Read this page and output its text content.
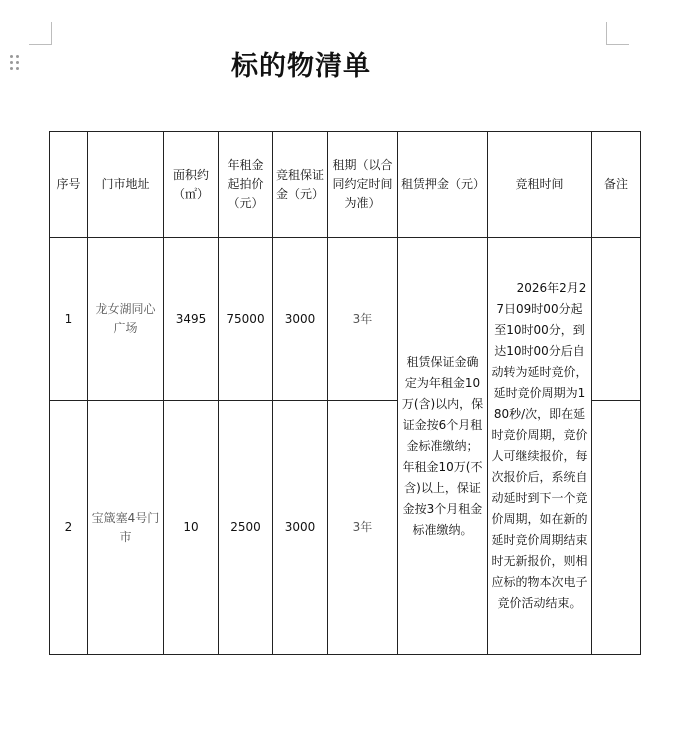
标的物清单
序号	门市地址	面积约（㎡）	年租金起拍价（元）	竞租保证金（元）	租期（以合同约定时间为准）	租赁押金（元）	竞租时间	备注
1	龙女湖同心广场	3495	75000	3000	3年	租赁保证金确定为年租金10万(含)以内，保证金按6个月租金标准缴纳；年租金10万(不含)以上，保证金按3个月租金标准缴纳。	2026年2月27日09时00分起至10时00分，到达10时00分后自动转为延时竞价，延时竞价周期为180秒/次，即在延时竞价周期，竞价人可继续报价，每次报价后，系统自动延时到下一个竞价周期，如在新的延时竞价周期结束时无新报价，则相应标的物本次电子竞价活动结束。	
2	宝箴塞4号门市	10	2500	3000	3年			
